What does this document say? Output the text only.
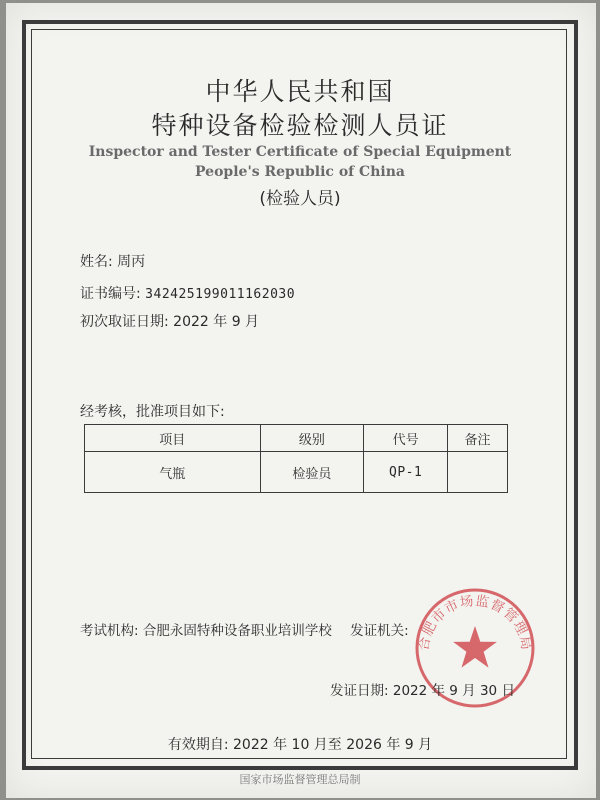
中华人民共和国
特种设备检验检测人员证
Inspector and Tester Certificate of Special Equipment
People's Republic of China
(检验人员)
姓名: 周丙
证书编号: 342425199011162030
初次取证日期: 2022 年 9 月
经考核，批准项目如下:
项目	级别	代号	备注
气瓶	检验员	QP-1	
考试机构: 合肥永固特种设备职业培训学校 发证机关:
合肥市市场监督管理局
发证日期: 2022 年 9 月 30 日
有效期自: 2022 年 10 月至 2026 年 9 月
国家市场监督管理总局制
